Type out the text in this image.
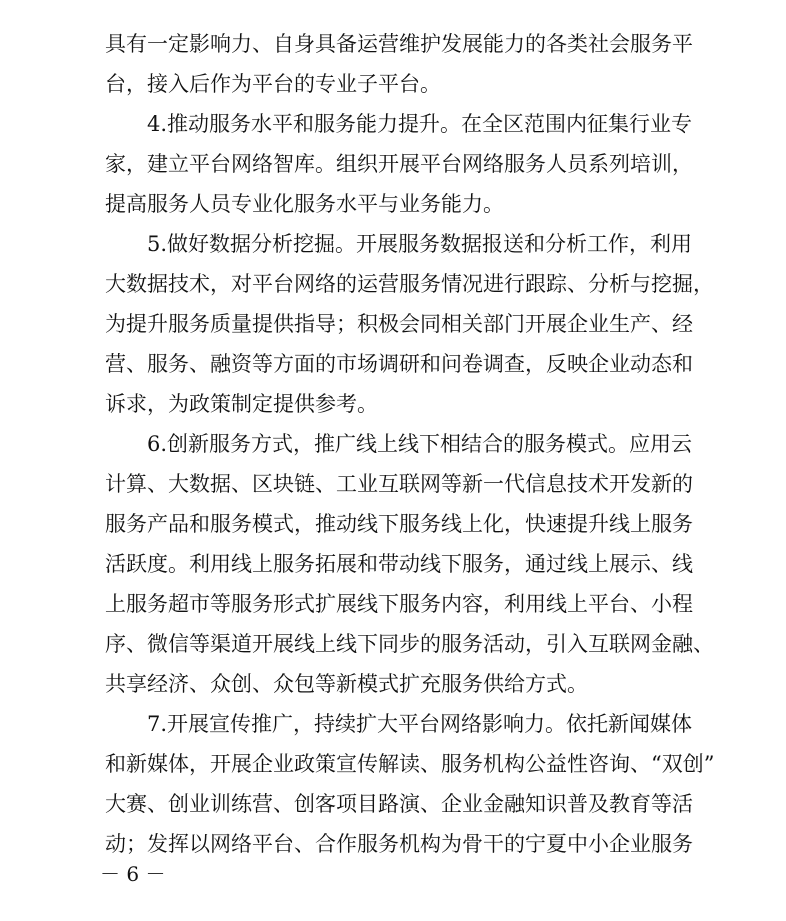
具有一定影响力、自身具备运营维护发展能力的各类社会服务平
台，接入后作为平台的专业子平台。
4.推动服务水平和服务能力提升。在全区范围内征集行业专
家，建立平台网络智库。组织开展平台网络服务人员系列培训，
提高服务人员专业化服务水平与业务能力。
5.做好数据分析挖掘。开展服务数据报送和分析工作，利用
大数据技术，对平台网络的运营服务情况进行跟踪、分析与挖掘，
为提升服务质量提供指导；积极会同相关部门开展企业生产、经
营、服务、融资等方面的市场调研和问卷调查，反映企业动态和
诉求，为政策制定提供参考。
6.创新服务方式，推广线上线下相结合的服务模式。应用云
计算、大数据、区块链、工业互联网等新一代信息技术开发新的
服务产品和服务模式，推动线下服务线上化，快速提升线上服务
活跃度。利用线上服务拓展和带动线下服务，通过线上展示、线
上服务超市等服务形式扩展线下服务内容，利用线上平台、小程
序、微信等渠道开展线上线下同步的服务活动，引入互联网金融、
共享经济、众创、众包等新模式扩充服务供给方式。
7.开展宣传推广，持续扩大平台网络影响力。依托新闻媒体
和新媒体，开展企业政策宣传解读、服务机构公益性咨询、“双创”
大赛、创业训练营、创客项目路演、企业金融知识普及教育等活
动；发挥以网络平台、合作服务机构为骨干的宁夏中小企业服务
－ 6 －
